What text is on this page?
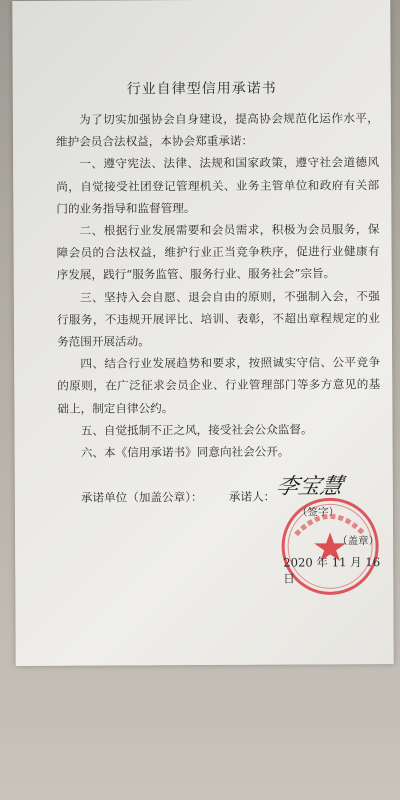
行业自律型信用承诺书

为了切实加强协会自身建设，提高协会规范化运作水平，维护会员合法权益，本协会郑重承诺：

一、遵守宪法、法律、法规和国家政策，遵守社会道德风尚，自觉接受社团登记管理机关、业务主管单位和政府有关部门的业务指导和监督管理。

二、根据行业发展需要和会员需求，积极为会员服务，保障会员的合法权益，维护行业正当竞争秩序，促进行业健康有序发展，践行“服务监管、服务行业、服务社会”宗旨。

三、坚持入会自愿、退会自由的原则，不强制入会，不强行服务，不违规开展评比、培训、表彰，不超出章程规定的业务范围开展活动。

四、结合行业发展趋势和要求，按照诚实守信、公平竞争的原则，在广泛征求会员企业、行业管理部门等多方意见的基础上，制定自律公约。

五、自觉抵制不正之风，接受社会公众监督。

六、本《信用承诺书》同意向社会公开。

承诺单位（加盖公章）： 承诺人：
李宝慧
（签字）
（盖章）
2020 年 11 月 16 日
